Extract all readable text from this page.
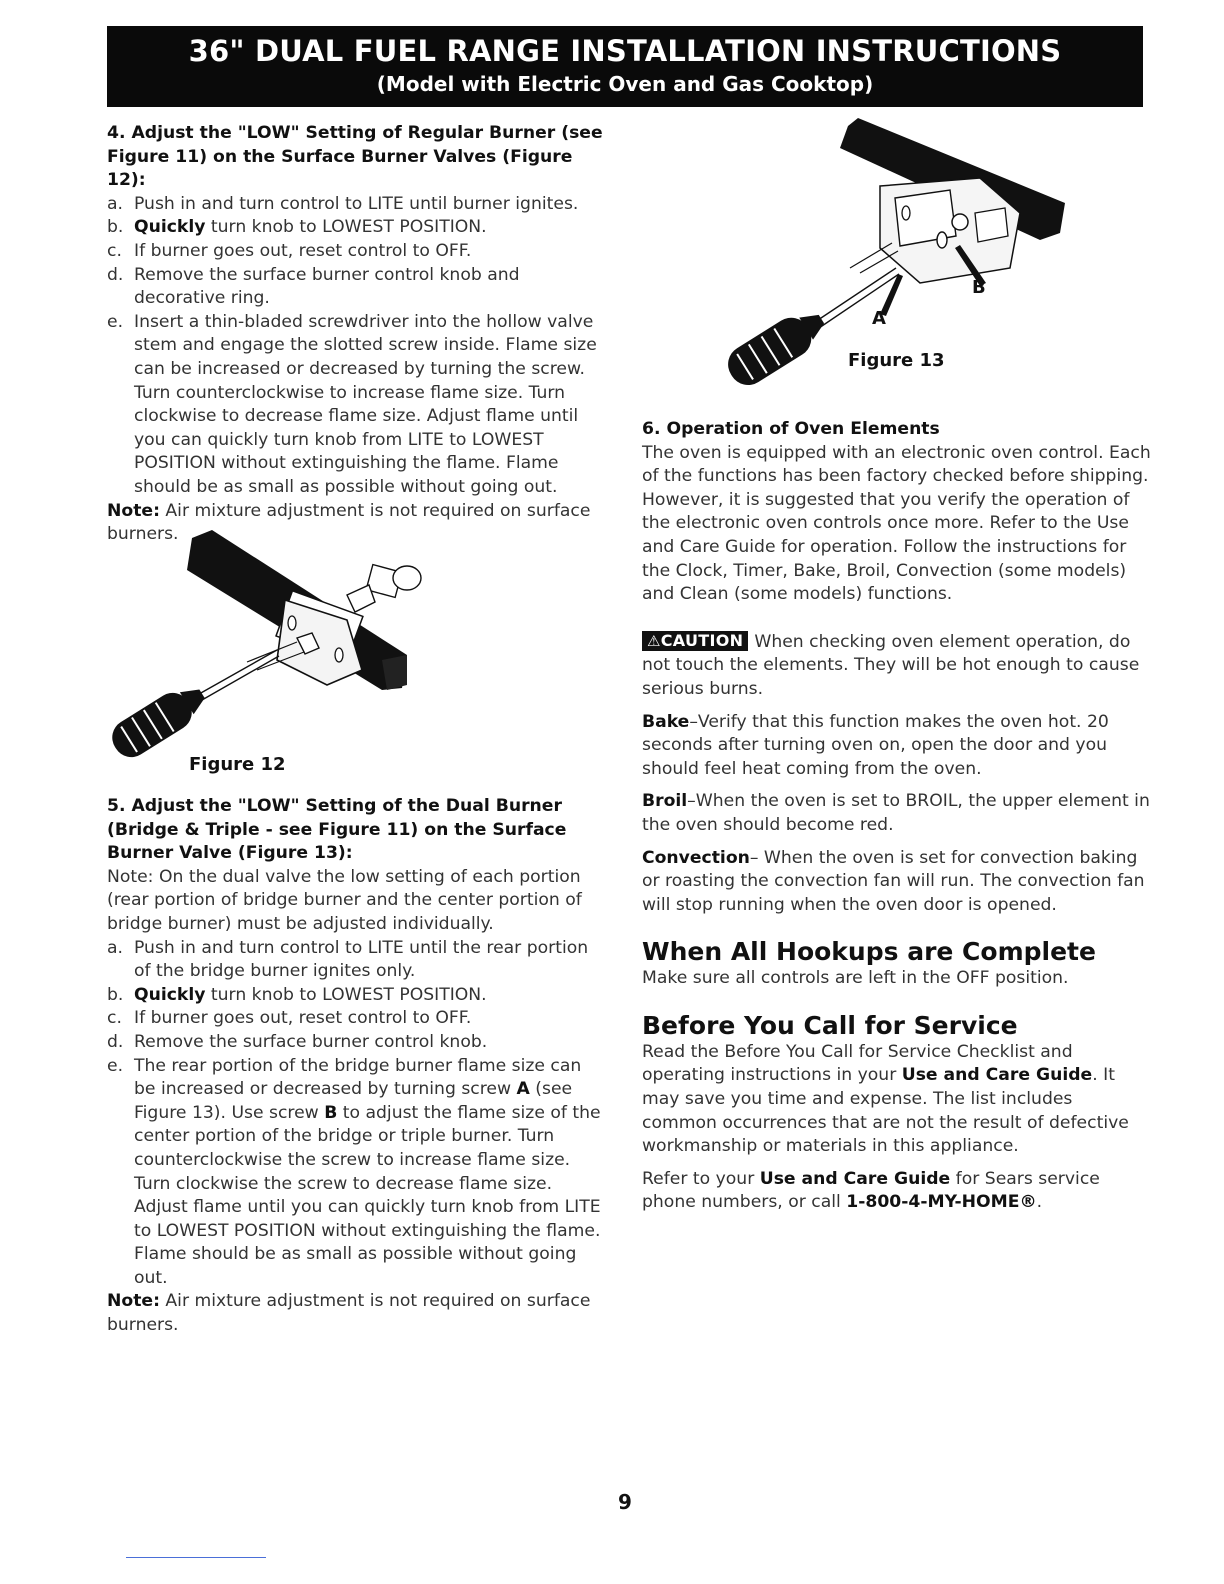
36" DUAL FUEL RANGE INSTALLATION INSTRUCTIONS
(Model with Electric Oven and Gas Cooktop)

4. Adjust the "LOW" Setting of Regular Burner (see Figure 11) on the Surface Burner Valves (Figure 12):

a. Push in and turn control to LITE until burner ignites.
b. Quickly turn knob to LOWEST POSITION.
c. If burner goes out, reset control to OFF.
d. Remove the surface burner control knob and decorative ring.
e. Insert a thin-bladed screwdriver into the hollow valve stem and engage the slotted screw inside. Flame size can be increased or decreased by turning the screw. Turn counterclockwise to increase flame size. Turn clockwise to decrease flame size. Adjust flame until you can quickly turn knob from LITE to LOWEST POSITION without extinguishing the flame. Flame should be as small as possible without going out.

Note: Air mixture adjustment is not required on surface burners.

Figure 12

5. Adjust the "LOW" Setting of the Dual Burner (Bridge & Triple - see Figure 11) on the Surface Burner Valve (Figure 13):

Note: On the dual valve the low setting of each portion (rear portion of bridge burner and the center portion of bridge burner) must be adjusted individually.

a. Push in and turn control to LITE until the rear portion of the bridge burner ignites only.
b. Quickly turn knob to LOWEST POSITION.
c. If burner goes out, reset control to OFF.
d. Remove the surface burner control knob.
e. The rear portion of the bridge burner flame size can be increased or decreased by turning screw A (see Figure 13). Use screw B to adjust the flame size of the center portion of the bridge or triple burner. Turn counterclockwise the screw to increase flame size. Turn clockwise the screw to decrease flame size. Adjust flame until you can quickly turn knob from LITE to LOWEST POSITION without extinguishing the flame. Flame should be as small as possible without going out.

Note: Air mixture adjustment is not required on surface burners.

A
B
Figure 13

6. Operation of Oven Elements

The oven is equipped with an electronic oven control. Each of the functions has been factory checked before shipping. However, it is suggested that you verify the operation of the electronic oven controls once more. Refer to the Use and Care Guide for operation. Follow the instructions for the Clock, Timer, Bake, Broil, Convection (some models) and Clean (some models) functions.

⚠CAUTION When checking oven element operation, do not touch the elements. They will be hot enough to cause serious burns.

Bake–Verify that this function makes the oven hot. 20 seconds after turning oven on, open the door and you should feel heat coming from the oven.

Broil–When the oven is set to BROIL, the upper element in the oven should become red.

Convection– When the oven is set for convection baking or roasting the convection fan will run. The convection fan will stop running when the oven door is opened.

When All Hookups are Complete

Make sure all controls are left in the OFF position.

Before You Call for Service

Read the Before You Call for Service Checklist and operating instructions in your Use and Care Guide. It may save you time and expense. The list includes common occurrences that are not the result of defective workmanship or materials in this appliance.

Refer to your Use and Care Guide for Sears service phone numbers, or call 1-800-4-MY-HOME®.

9
